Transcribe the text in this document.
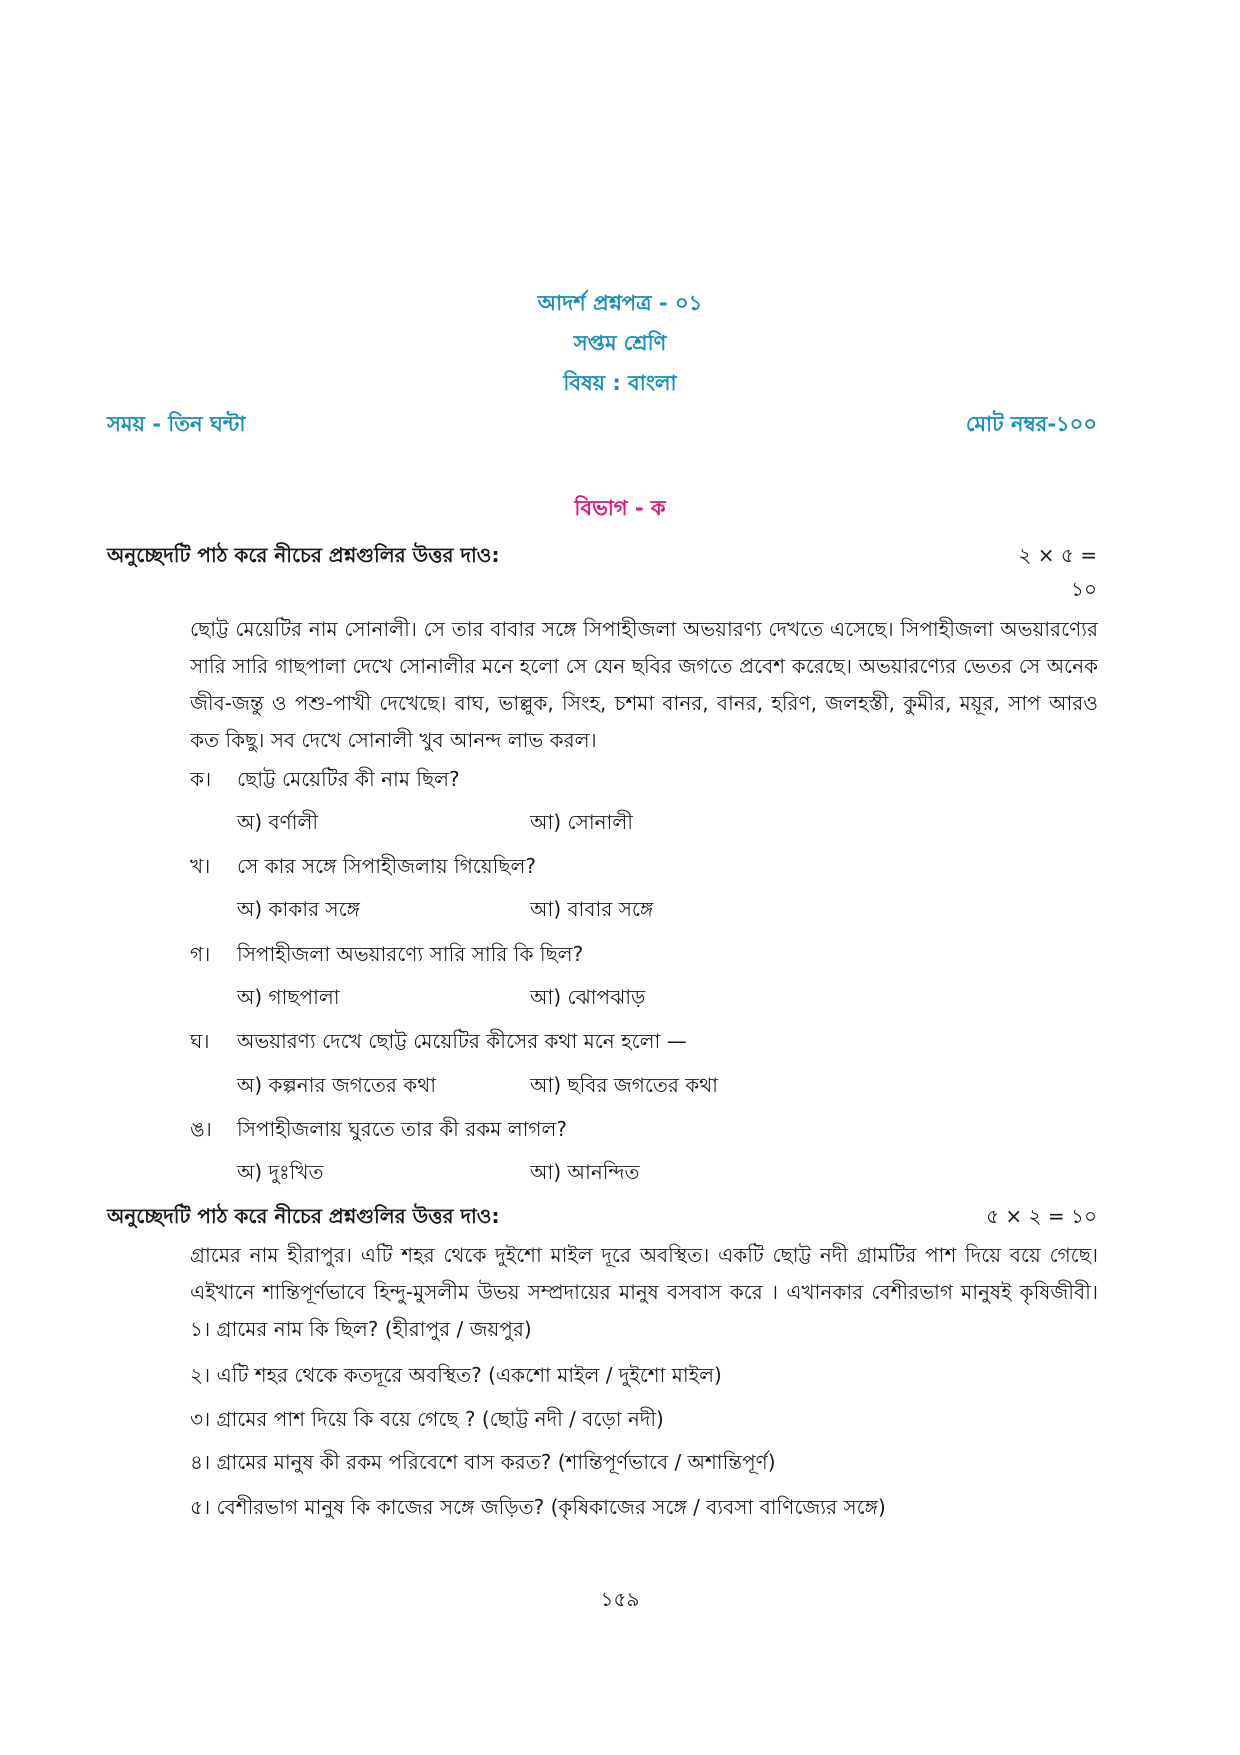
আদর্শ প্রশ্নপত্র - ০১
সপ্তম শ্রেণি
বিষয় : বাংলা
সময় - তিন ঘন্টা	মোট নম্বর-১০০
বিভাগ - ক
অনুচ্ছেদটি পাঠ করে নীচের প্রশ্নগুলির উত্তর দাও:	২ × ৫ =
১০
ছোট্ট মেয়েটির নাম সোনালী। সে তার বাবার সঙ্গে সিপাহীজলা অভয়ারণ্য দেখতে এসেছে। সিপাহীজলা অভয়ারণ্যের সারি সারি গাছপালা দেখে সোনালীর মনে হলো সে যেন ছবির জগতে প্রবেশ করেছে। অভয়ারণ্যের ভেতর সে অনেক জীব-জন্তু ও পশু-পাখী দেখেছে। বাঘ, ভাল্লুক, সিংহ, চশমা বানর, বানর, হরিণ, জলহস্তী, কুমীর, ময়ূর, সাপ আরও কত কিছু। সব দেখে সোনালী খুব আনন্দ লাভ করল।
ক। ছোট্ট মেয়েটির কী নাম ছিল?
অ) বর্ণালী	আ) সোনালী
খ। সে কার সঙ্গে সিপাহীজলায় গিয়েছিল?
অ) কাকার সঙ্গে	আ) বাবার সঙ্গে
গ। সিপাহীজলা অভয়ারণ্যে সারি সারি কি ছিল?
অ) গাছপালা	আ) ঝোপঝাড়
ঘ। অভয়ারণ্য দেখে ছোট্ট মেয়েটির কীসের কথা মনে হলো —
অ) কল্পনার জগতের কথা	আ) ছবির জগতের কথা
ঙ। সিপাহীজলায় ঘুরতে তার কী রকম লাগল?
অ) দুঃখিত	আ) আনন্দিত
অনুচ্ছেদটি পাঠ করে নীচের প্রশ্নগুলির উত্তর দাও:	৫ × ২ = ১০
গ্রামের নাম হীরাপুর। এটি শহর থেকে দুইশো মাইল দূরে অবস্থিত। একটি ছোট্ট নদী গ্রামটির পাশ দিয়ে বয়ে গেছে। এইখানে শান্তিপূর্ণভাবে হিন্দু-মুসলীম উভয় সম্প্রদায়ের মানুষ বসবাস করে । এখানকার বেশীরভাগ মানুষই কৃষিজীবী। ১। গ্রামের নাম কি ছিল? (হীরাপুর / জয়পুর)
২। এটি শহর থেকে কতদূরে অবস্থিত? (একশো মাইল / দুইশো মাইল)
৩। গ্রামের পাশ দিয়ে কি বয়ে গেছে ? (ছোট্ট নদী / বড়ো নদী)
৪। গ্রামের মানুষ কী রকম পরিবেশে বাস করত? (শান্তিপূর্ণভাবে / অশান্তিপূর্ণ)
৫। বেশীরভাগ মানুষ কি কাজের সঙ্গে জড়িত? (কৃষিকাজের সঙ্গে / ব্যবসা বাণিজ্যের সঙ্গে)
১৫৯
